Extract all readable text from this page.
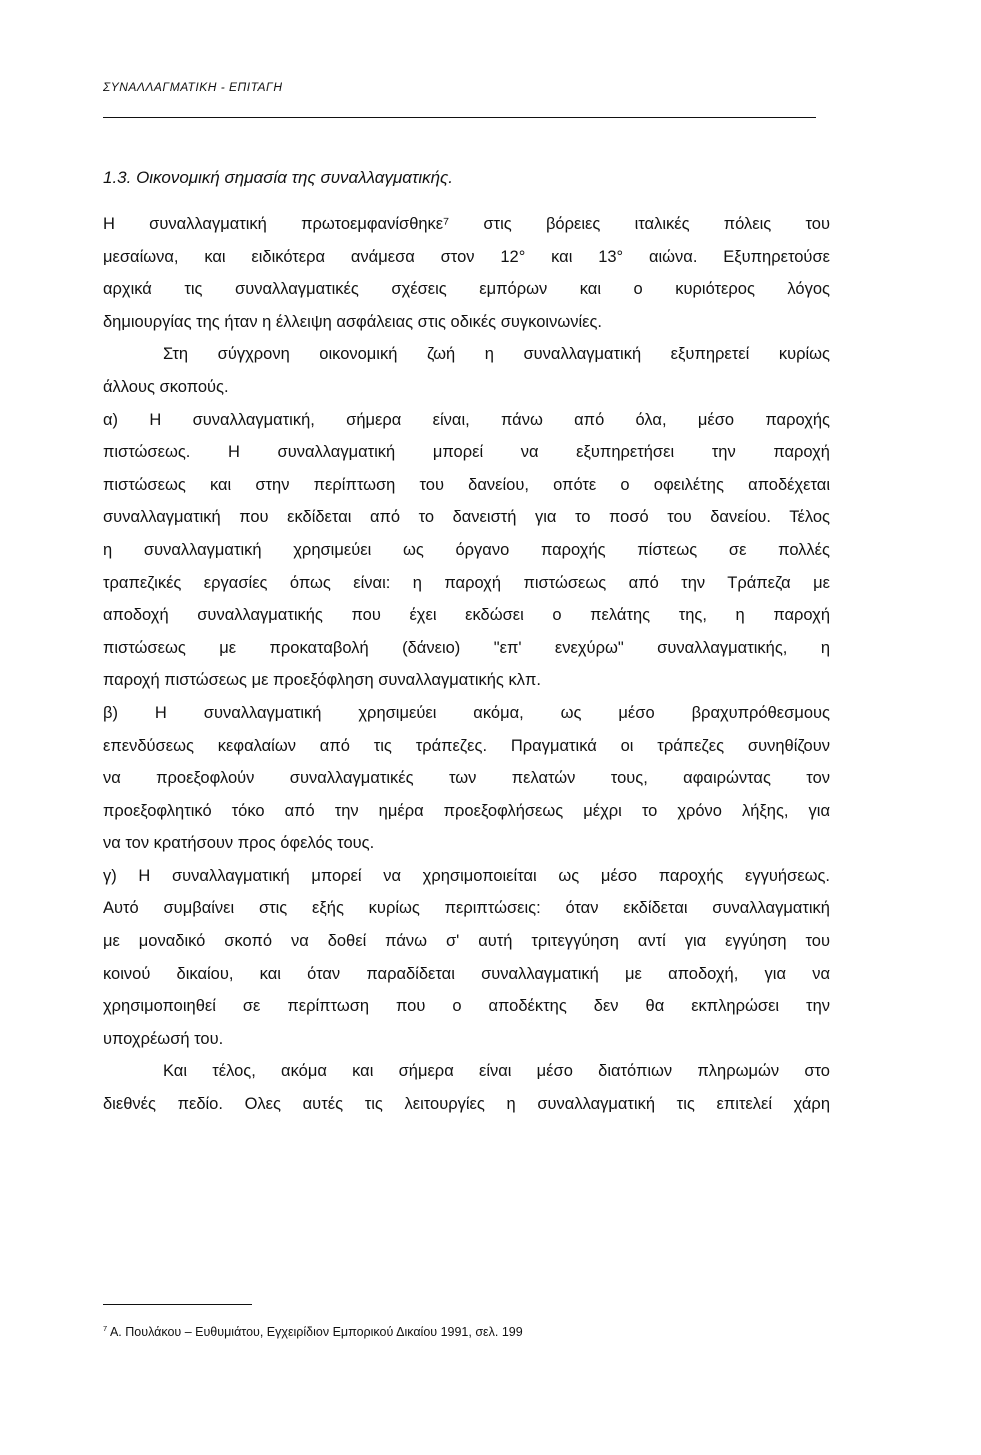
ΣΥΝΑΛΛΑΓΜΑΤΙΚΗ - ΕΠΙΤΑΓΗ
1.3. Οικονομική σημασία της συναλλαγματικής.
Η συναλλαγματική πρωτοεμφανίσθηκε⁷ στις βόρειες ιταλικές πόλεις του
μεσαίωνα, και ειδικότερα ανάμεσα στον 12° και 13° αιώνα. Εξυπηρετούσε
αρχικά τις συναλλαγματικές σχέσεις εμπόρων και ο κυριότερος λόγος
δημιουργίας της ήταν η έλλειψη ασφάλειας στις οδικές συγκοινωνίες.
Στη σύγχρονη οικονομική ζωή η συναλλαγματική εξυπηρετεί κυρίως
άλλους σκοπούς.
α) Η συναλλαγματική, σήμερα είναι, πάνω από όλα, μέσο παροχής
πιστώσεως. Η συναλλαγματική μπορεί να εξυπηρετήσει την παροχή
πιστώσεως και στην περίπτωση του δανείου, οπότε ο οφειλέτης αποδέχεται
συναλλαγματική που εκδίδεται από το δανειστή για το ποσό του δανείου. Τέλος
η συναλλαγματική χρησιμεύει ως όργανο παροχής πίστεως σε πολλές
τραπεζικές εργασίες όπως είναι: η παροχή πιστώσεως από την Τράπεζα με
αποδοχή συναλλαγματικής που έχει εκδώσει ο πελάτης της, η παροχή
πιστώσεως με προκαταβολή (δάνειο) "επ' ενεχύρω" συναλλαγματικής, η
παροχή πιστώσεως με προεξόφληση συναλλαγματικής κλπ.
β) Η συναλλαγματική χρησιμεύει ακόμα, ως μέσο βραχυπρόθεσμους
επενδύσεως κεφαλαίων από τις τράπεζες. Πραγματικά οι τράπεζες συνηθίζουν
να προεξοφλούν συναλλαγματικές των πελατών τους, αφαιρώντας τον
προεξοφλητικό τόκο από την ημέρα προεξοφλήσεως μέχρι το χρόνο λήξης, για
να τον κρατήσουν προς όφελός τους.
γ) Η συναλλαγματική μπορεί να χρησιμοποιείται ως μέσο παροχής εγγυήσεως.
Αυτό συμβαίνει στις εξής κυρίως περιπτώσεις: όταν εκδίδεται συναλλαγματική
με μοναδικό σκοπό να δοθεί πάνω σ' αυτή τριτεγγύηση αντί για εγγύηση του
κοινού δικαίου, και όταν παραδίδεται συναλλαγματική με αποδοχή, για να
χρησιμοποιηθεί σε περίπτωση που ο αποδέκτης δεν θα εκπληρώσει την
υποχρέωσή του.
Και τέλος, ακόμα και σήμερα είναι μέσο διατόπιων πληρωμών στο
διεθνές πεδίο. Ολες αυτές τις λειτουργίες η συναλλαγματική τις επιτελεί χάρη
$^7$ Α. Πουλάκου – Ευθυμιάτου, Εγχειρίδιον Εμπορικού Δικαίου 1991, σελ. 199
